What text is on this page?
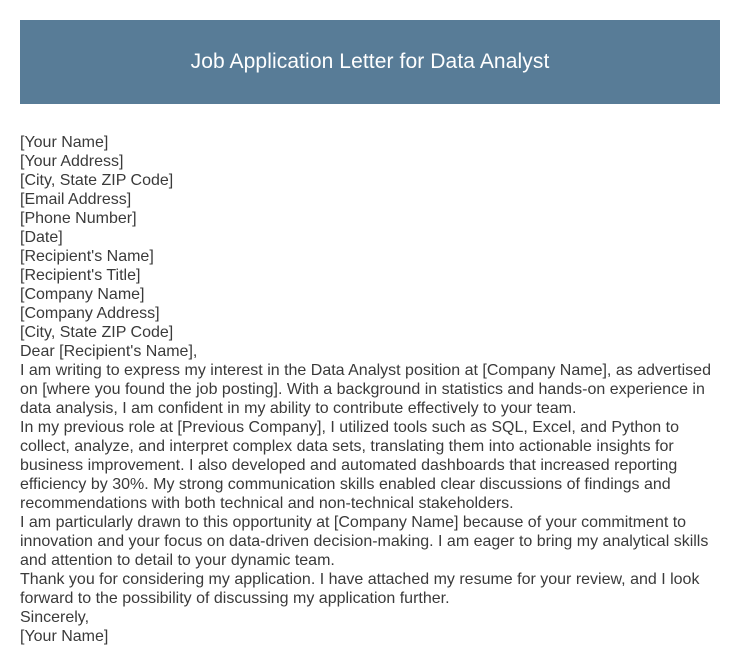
Job Application Letter for Data Analyst
[Your Name]
[Your Address]
[City, State ZIP Code]
[Email Address]
[Phone Number]
[Date]
[Recipient's Name]
[Recipient's Title]
[Company Name]
[Company Address]
[City, State ZIP Code]
Dear [Recipient's Name],

I am writing to express my interest in the Data Analyst position at [Company Name], as advertised on [where you found the job posting]. With a background in statistics and hands-on experience in data analysis, I am confident in my ability to contribute effectively to your team.

In my previous role at [Previous Company], I utilized tools such as SQL, Excel, and Python to collect, analyze, and interpret complex data sets, translating them into actionable insights for business improvement. I also developed and automated dashboards that increased reporting efficiency by 30%. My strong communication skills enabled clear discussions of findings and recommendations with both technical and non-technical stakeholders.

I am particularly drawn to this opportunity at [Company Name] because of your commitment to innovation and your focus on data-driven decision-making. I am eager to bring my analytical skills and attention to detail to your dynamic team.

Thank you for considering my application. I have attached my resume for your review, and I look forward to the possibility of discussing my application further.

Sincerely,
[Your Name]
